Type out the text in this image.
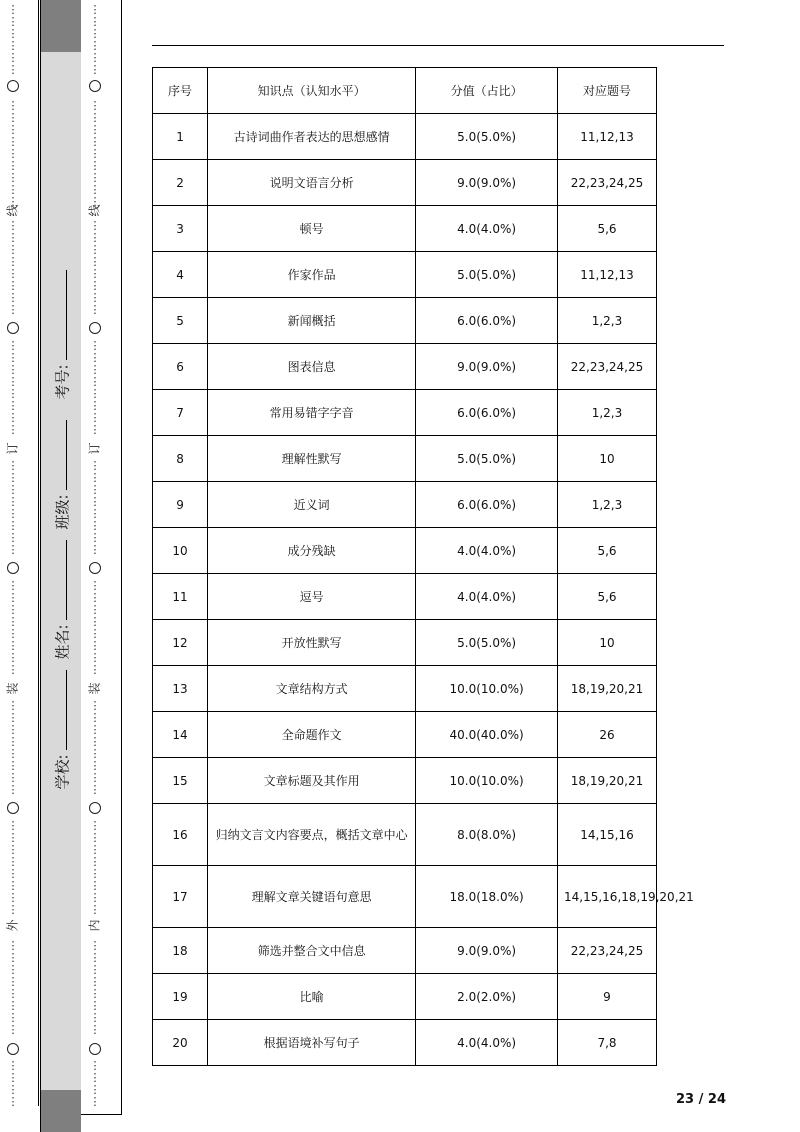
⋮
⋮
⋮
⋮
⋮
⋮
⋮
⋮
⋮
⋮
⋮
⋮
⋮
⋮
⋮
⋮
⋮
⋮
⋮
⋮
⋮
⋮
⋮
⋮
⋮
⋮
⋮
⋮
⋮
⋮
⋮
⋮
⋮
⋮
⋮
⋮
⋮
⋮
⋮
⋮
⋮
⋮
⋮
⋮
⋮
⋮
⋮
⋮
⋮
⋮
⋮
⋮
⋮
⋮
⋮
⋮
⋮
⋮
⋮
⋮
⋮
⋮
⋮
⋮
⋮
⋮
⋮
⋮
⋮
⋮
⋮
⋮
⋮
⋮
⋮
外
装
订
线
⋮
⋮
⋮
⋮
⋮
⋮
⋮
⋮
⋮
⋮
⋮
⋮
⋮
⋮
⋮
⋮
⋮
⋮
⋮
⋮
⋮
⋮
⋮
⋮
⋮
⋮
⋮
⋮
⋮
⋮
⋮
⋮
⋮
⋮
⋮
⋮
⋮
⋮
⋮
⋮
⋮
⋮
⋮
⋮
⋮
⋮
⋮
⋮
⋮
⋮
⋮
⋮
⋮
⋮
⋮
⋮
⋮
⋮
⋮
⋮
⋮
⋮
⋮
⋮
⋮
⋮
⋮
⋮
⋮
⋮
⋮
⋮
⋮
⋮
⋮
内
装
订
线
考号:
班级:
姓名:
学校:
序号	知识点（认知水平）	分值（占比）	对应题号
1	古诗词曲作者表达的思想感情	5.0(5.0%)	11,12,13
2	说明文语言分析	9.0(9.0%)	22,23,24,25
3	顿号	4.0(4.0%)	5,6
4	作家作品	5.0(5.0%)	11,12,13
5	新闻概括	6.0(6.0%)	1,2,3
6	图表信息	9.0(9.0%)	22,23,24,25
7	常用易错字字音	6.0(6.0%)	1,2,3
8	理解性默写	5.0(5.0%)	10
9	近义词	6.0(6.0%)	1,2,3
10	成分残缺	4.0(4.0%)	5,6
11	逗号	4.0(4.0%)	5,6
12	开放性默写	5.0(5.0%)	10
13	文章结构方式	10.0(10.0%)	18,19,20,21
14	全命题作文	40.0(40.0%)	26
15	文章标题及其作用	10.0(10.0%)	18,19,20,21
16	归纳文言文内容要点，概括文章中心	8.0(8.0%)	14,15,16
17	理解文章关键语句意思	18.0(18.0%)	14,15,16,18,19,20,21
18	筛选并整合文中信息	9.0(9.0%)	22,23,24,25
19	比喻	2.0(2.0%)	9
20	根据语境补写句子	4.0(4.0%)	7,8
23 / 24
